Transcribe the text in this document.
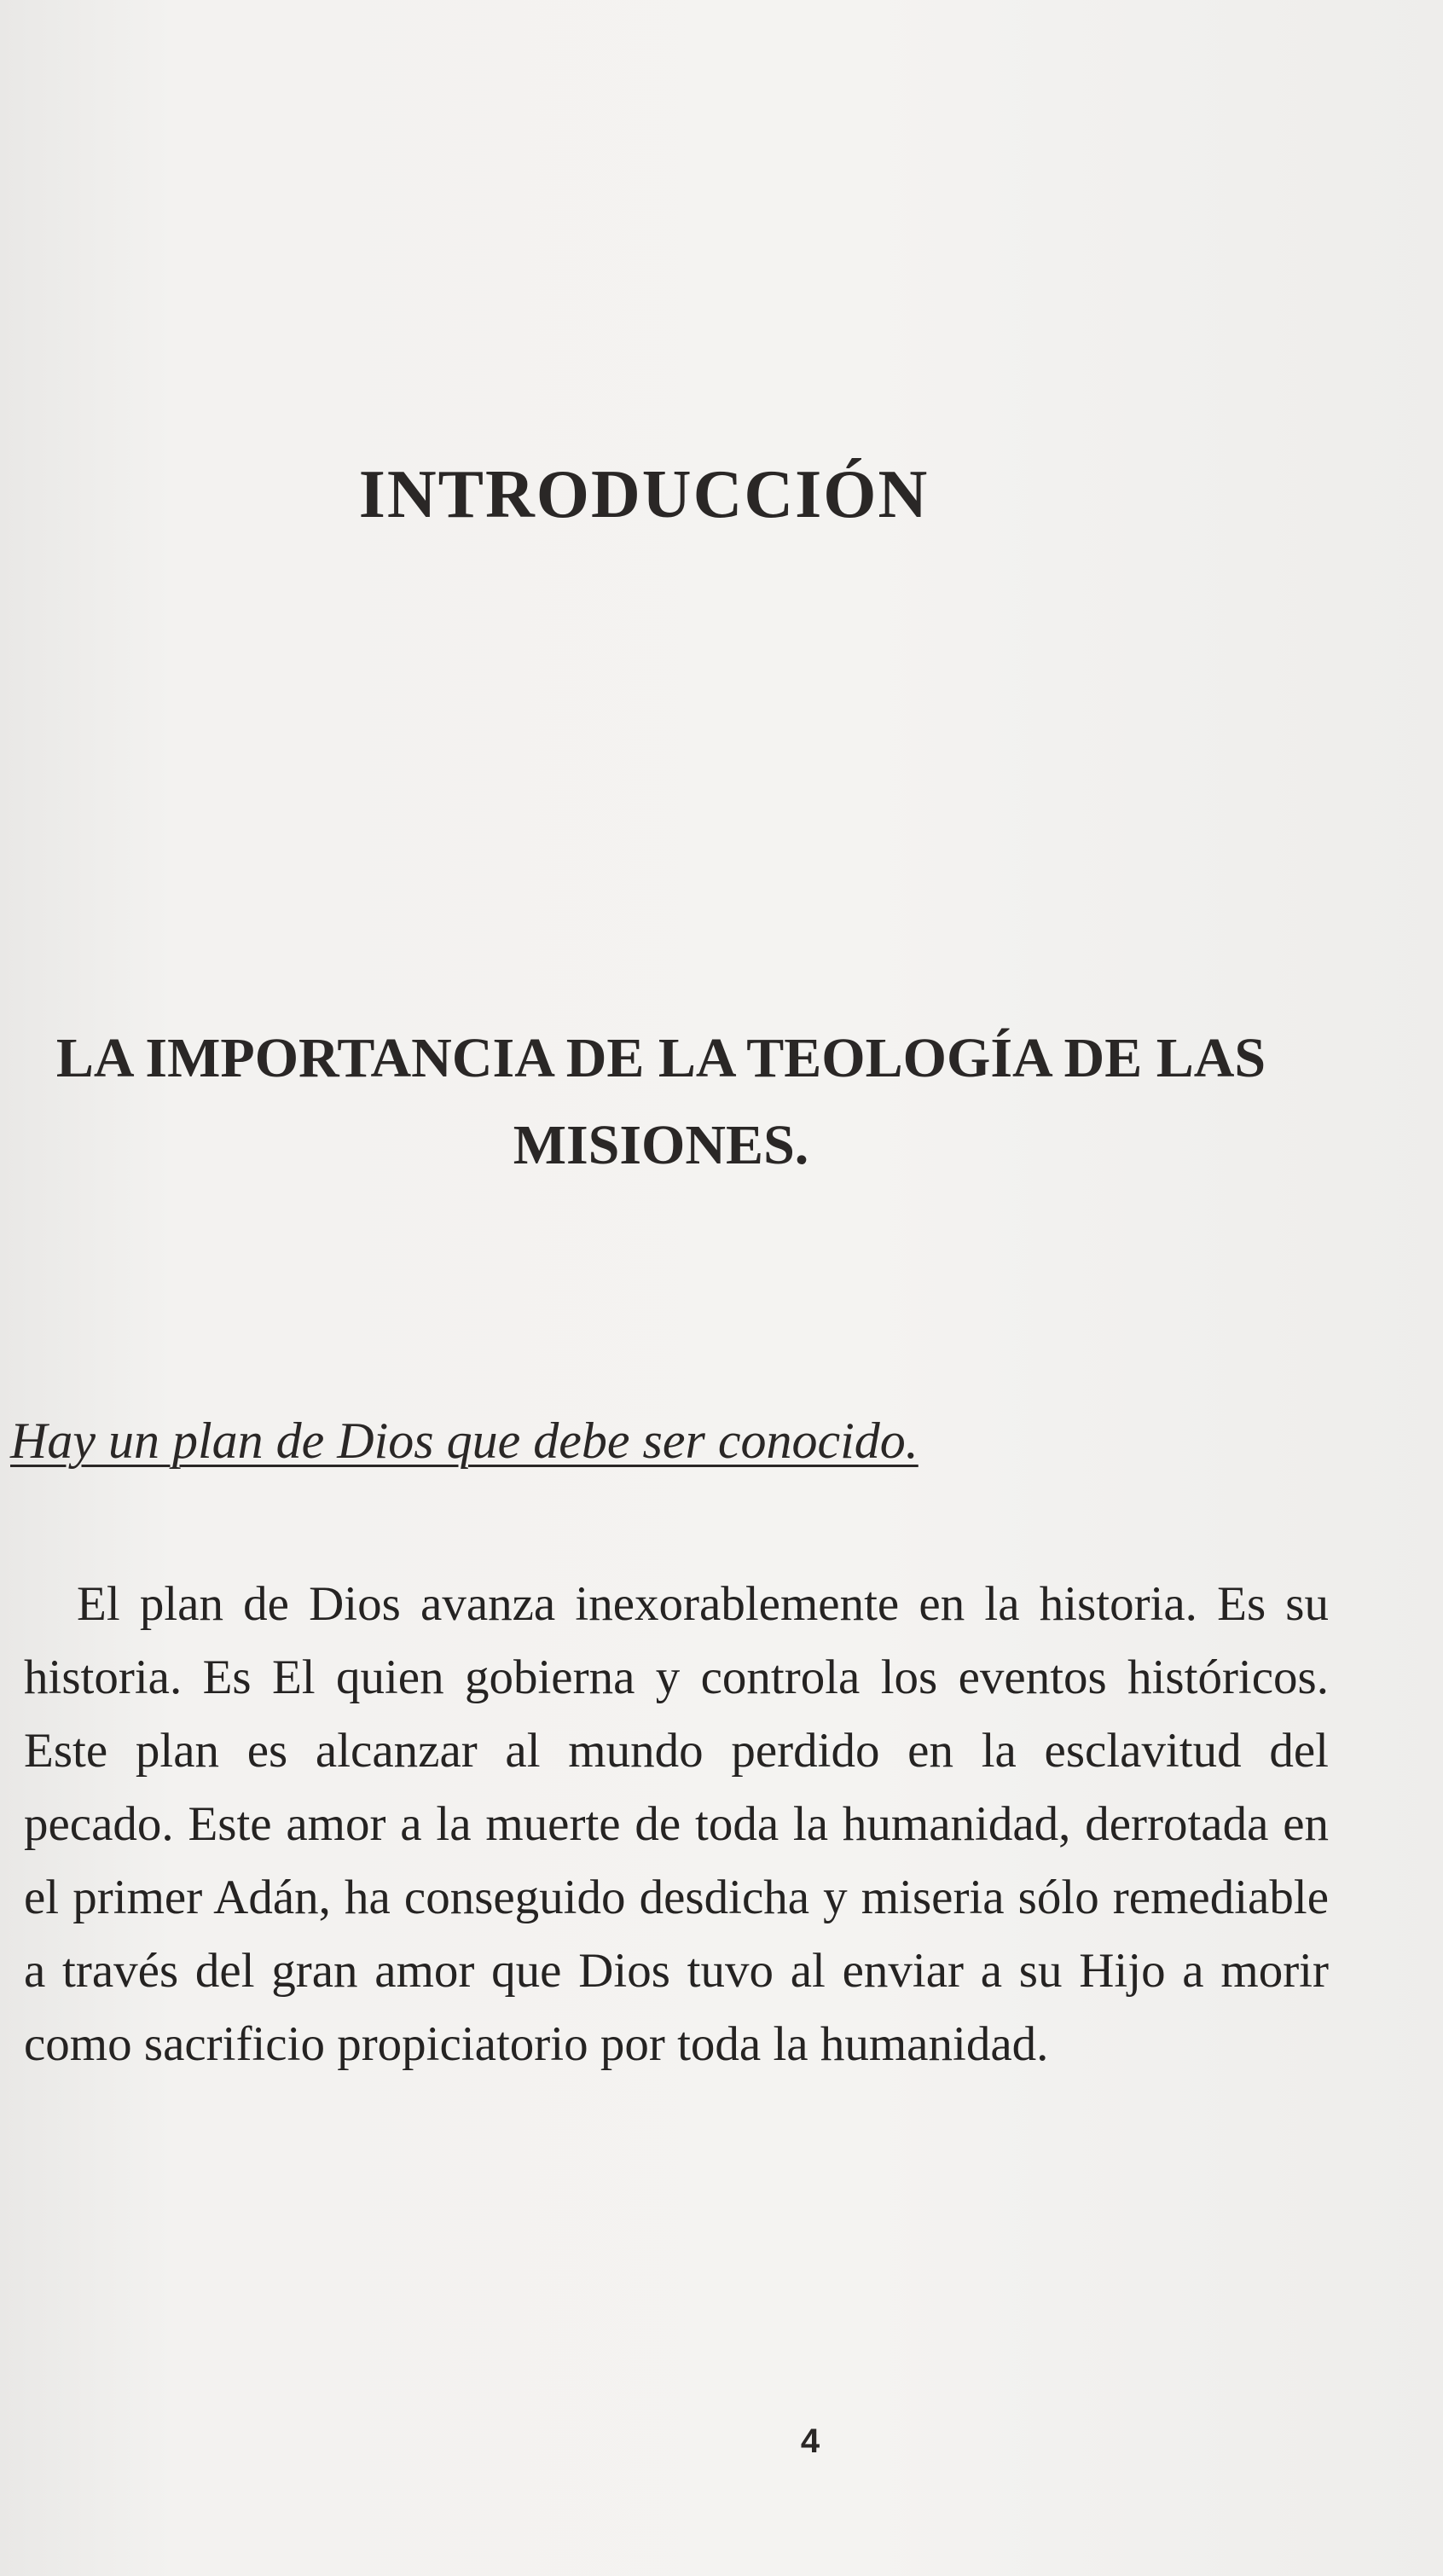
INTRODUCCIÓN
LA IMPORTANCIA DE LA TEOLOGÍA DE LAS MISIONES.
Hay un plan de Dios que debe ser conocido.

El plan de Dios avanza inexorablemente en la historia. Es su historia. Es El quien gobierna y controla los eventos históricos. Este plan es alcanzar al mundo perdido en la esclavitud del pecado. Este amor a la muerte de toda la humanidad, derrotada en el primer Adán, ha conseguido desdicha y miseria sólo remediable a través del gran amor que Dios tuvo al enviar a su Hijo a morir como sacrificio propiciatorio por toda la humanidad.

4
